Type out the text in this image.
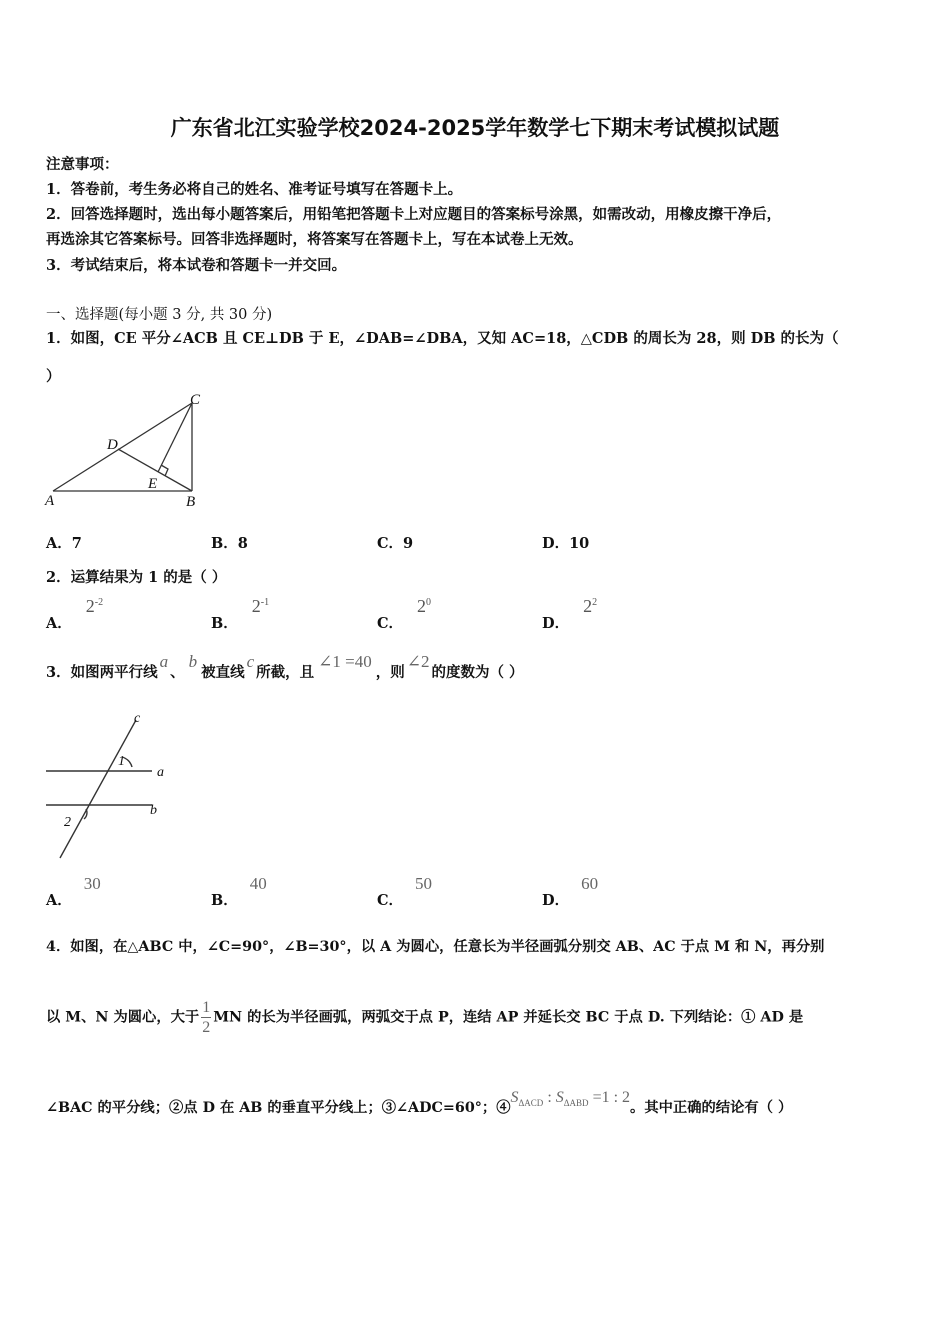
广东省北江实验学校2024-2025学年数学七下期末考试模拟试题
注意事项：
1．答卷前，考生务必将自己的姓名、准考证号填写在答题卡上。
2．回答选择题时，选出每小题答案后，用铅笔把答题卡上对应题目的答案标号涂黑，如需改动，用橡皮擦干净后，
再选涂其它答案标号。回答非选择题时，将答案写在答题卡上，写在本试卷上无效。
3．考试结束后，将本试卷和答题卡一并交回。
一、选择题(每小题 3 分, 共 30 分)
1．如图，CE 平分∠ACB 且 CE⊥DB 于 E，∠DAB=∠DBA，又知 AC=18，△CDB 的周长为 28，则 DB 的长为（
）
C
D
A
E
B
A．7	B．8	C．9	D．10
2．运算结果为 1 的是（ ）
A．$2^{-2}$
B．$2^{-1}$
C．$2^0$
D．$2^2$
3．如图两平行线a、b被直线c所截，且∠1 =40，则∠2的度数为（ ）
c
a
b
1
2
A．30
B．40
C．50
D．60
4．如图，在△ABC 中，∠C=90°，∠B=30°，以 A 为圆心，任意长为半径画弧分别交 AB、AC 于点 M 和 N，再分别
以 M、N 为圆心，大于 $\frac{1}{2}$ MN 的长为半径画弧，两弧交于点 P，连结 AP 并延长交 BC 于点 D. 下列结论：① AD 是
∠BAC 的平分线；②点 D 在 AB 的垂直平分线上；③∠ADC=60°；$④S_{\Delta ACD}$ : $S_{\Delta ABD} =1$ : 2。其中正确的结论有（ ）
